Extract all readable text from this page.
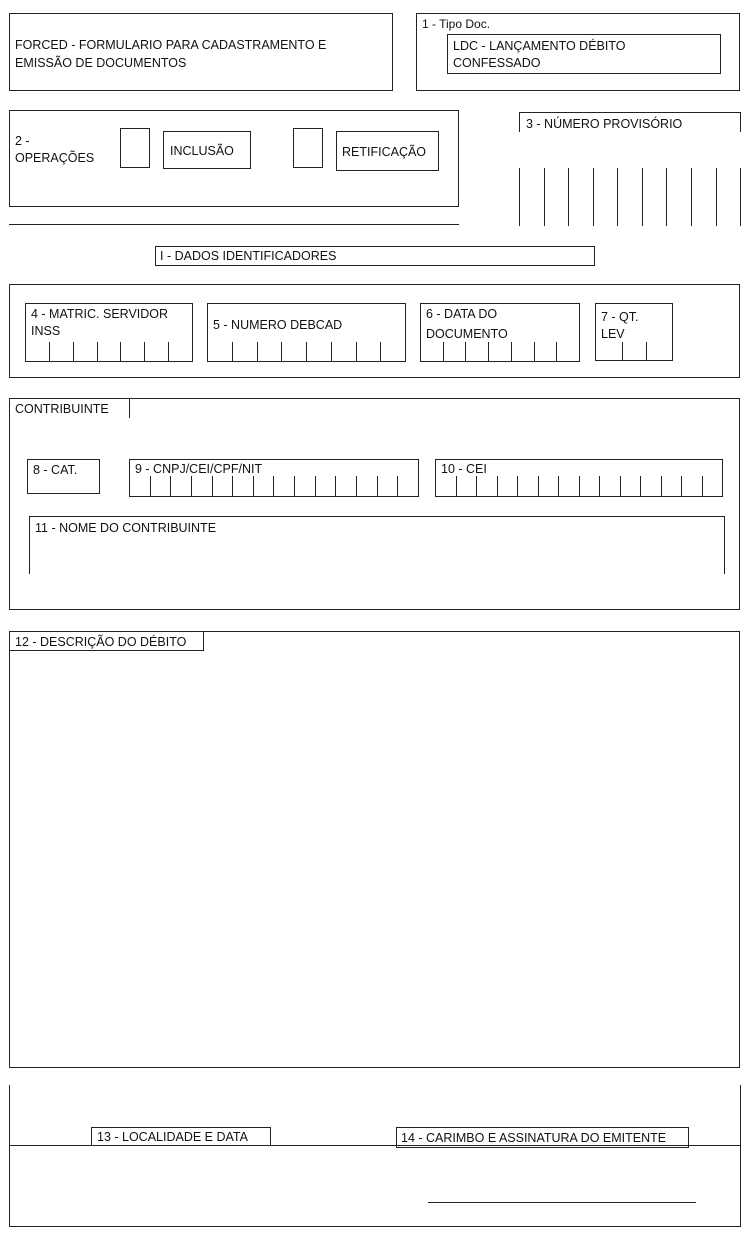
FORCED - FORMULARIO PARA CADASTRAMENTO E
EMISSÃO DE DOCUMENTOS
1 - Tipo Doc.
LDC - LANÇAMENTO DÉBITO
CONFESSADO
2 -
OPERAÇÕES	INCLUSÃO	RETIFICAÇÃO
3 - NÚMERO PROVISÓRIO
I - DADOS IDENTIFICADORES
4 - MATRIC. SERVIDOR
INSS	5 - NUMERO DEBCAD
6 - DATA DO
DOCUMENTO
7 - QT.
LEV
CONTRIBUINTE
8 - CAT.	9 - CNPJ/CEI/CPF/NIT	10 - CEI
11 - NOME DO CONTRIBUINTE
12 - DESCRIÇÃO DO DÉBITO
13 - LOCALIDADE E DATA	14 - CARIMBO E ASSINATURA DO EMITENTE
